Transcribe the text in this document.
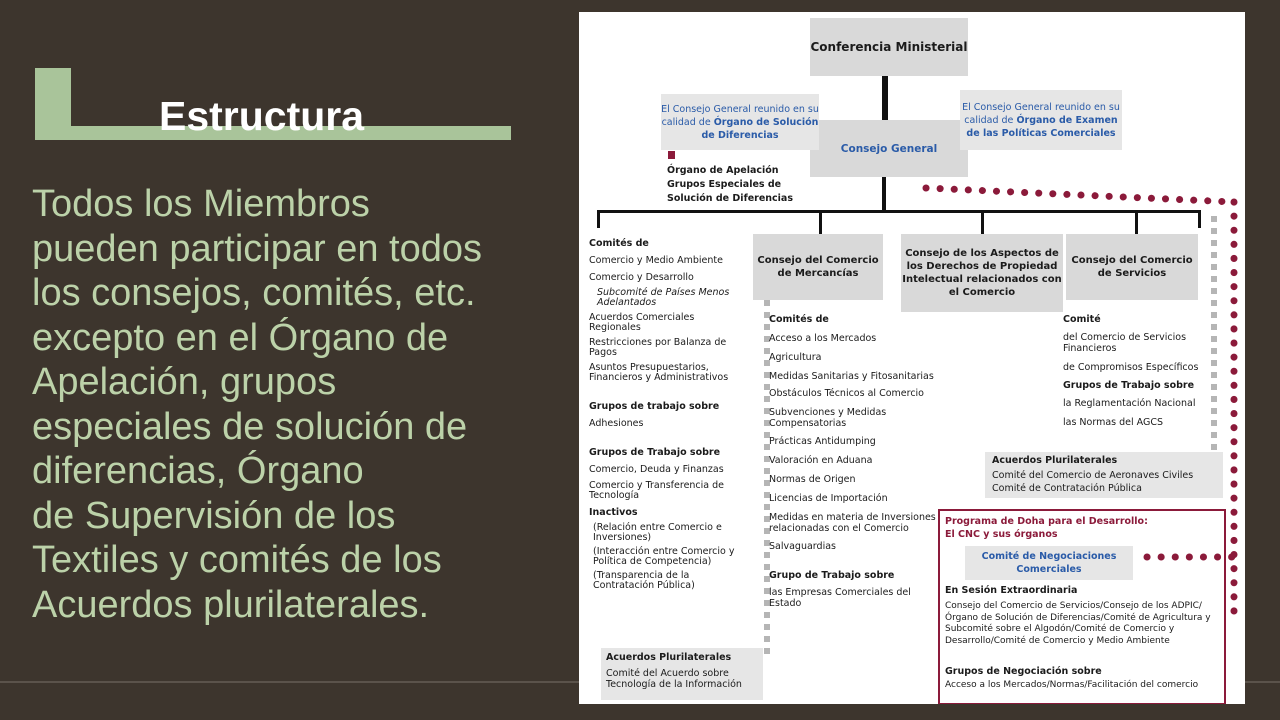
Estructura
Todos los Miembros
pueden participar en todos
los consejos, comités, etc.
excepto en el Órgano de
Apelación, grupos
especiales de solución de
diferencias, Órgano
de Supervisión de los
Textiles y comités de los
Acuerdos plurilaterales.
Conferencia Ministerial
Consejo General
El Consejo General reunido en su calidad de Órgano de Solución de Diferencias
El Consejo General reunido en su calidad de Órgano de Examen de las Políticas Comerciales
Órgano de Apelación
Grupos Especiales de
Solución de Diferencias
Comités de
Comercio y Medio Ambiente
Comercio y Desarrollo
Subcomité de Países Menos Adelantados
Acuerdos Comerciales Regionales
Restricciones por Balanza de Pagos
Asuntos Presupuestarios, Financieros y Administrativos
Grupos de trabajo sobre
Adhesiones
Grupos de Trabajo sobre
Comercio, Deuda y Finanzas
Comercio y Transferencia de Tecnología
Inactivos
(Relación entre Comercio e Inversiones)
(Interacción entre Comercio y Política de Competencia)
(Transparencia de la Contratación Pública)
Acuerdos Plurilaterales
Comité del Acuerdo sobre Tecnología de la Información
Consejo del Comercio de Mercancías
Consejo de los Aspectos de los Derechos de Propiedad Intelectual relacionados con el Comercio
Consejo del Comercio de Servicios
Comités de
Acceso a los Mercados
Agricultura
Medidas Sanitarias y Fitosanitarias
Obstáculos Técnicos al Comercio
Subvenciones y Medidas Compensatorias
Prácticas Antidumping
Valoración en Aduana
Normas de Origen
Licencias de Importación
Medidas en materia de Inversiones relacionadas con el Comercio
Salvaguardias
Grupo de Trabajo sobre
las Empresas Comerciales del Estado
Comité
del Comercio de Servicios Financieros
de Compromisos Específicos
Grupos de Trabajo sobre
la Reglamentación Nacional
las Normas del AGCS
Acuerdos Plurilaterales
Comité del Comercio de Aeronaves Civiles
Comité de Contratación Pública
Programa de Doha para el Desarrollo:
El CNC y sus órganos
Comité de Negociaciones Comerciales
En Sesión Extraordinaria
Consejo del Comercio de Servicios/Consejo de los ADPIC/Órgano de Solución de Diferencias/Comité de Agricultura y Subcomité sobre el Algodón/Comité de Comercio y Desarrollo/Comité de Comercio y Medio Ambiente
Grupos de Negociación sobre
Acceso a los Mercados/Normas/Facilitación del comercio
